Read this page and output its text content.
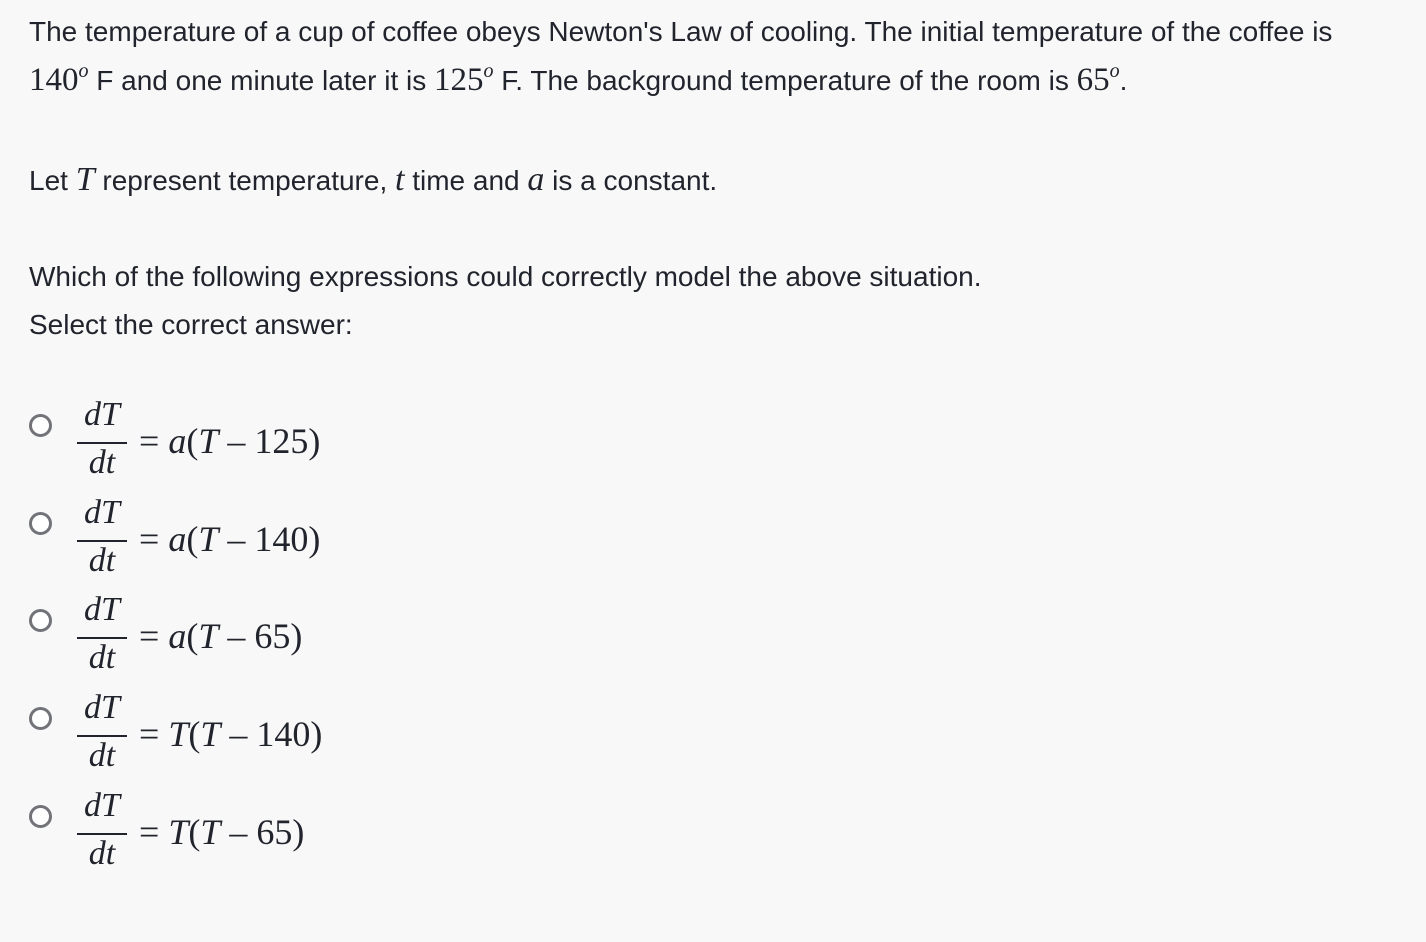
The temperature of a cup of coffee obeys Newton's Law of cooling. The initial temperature of the coffee is 140$^o$ F and one minute later it is 125$^o$ F. The background temperature of the room is 65$^o$.

Let T represent temperature, t time and a is a constant.

Which of the following expressions could correctly model the above situation.

Select the correct answer:

dT
dt
= a(T – 125)
dT
dt
= a(T – 140)
dT
dt
= a(T – 65)
dT
dt
= T(T – 140)
dT
dt
= T(T – 65)
